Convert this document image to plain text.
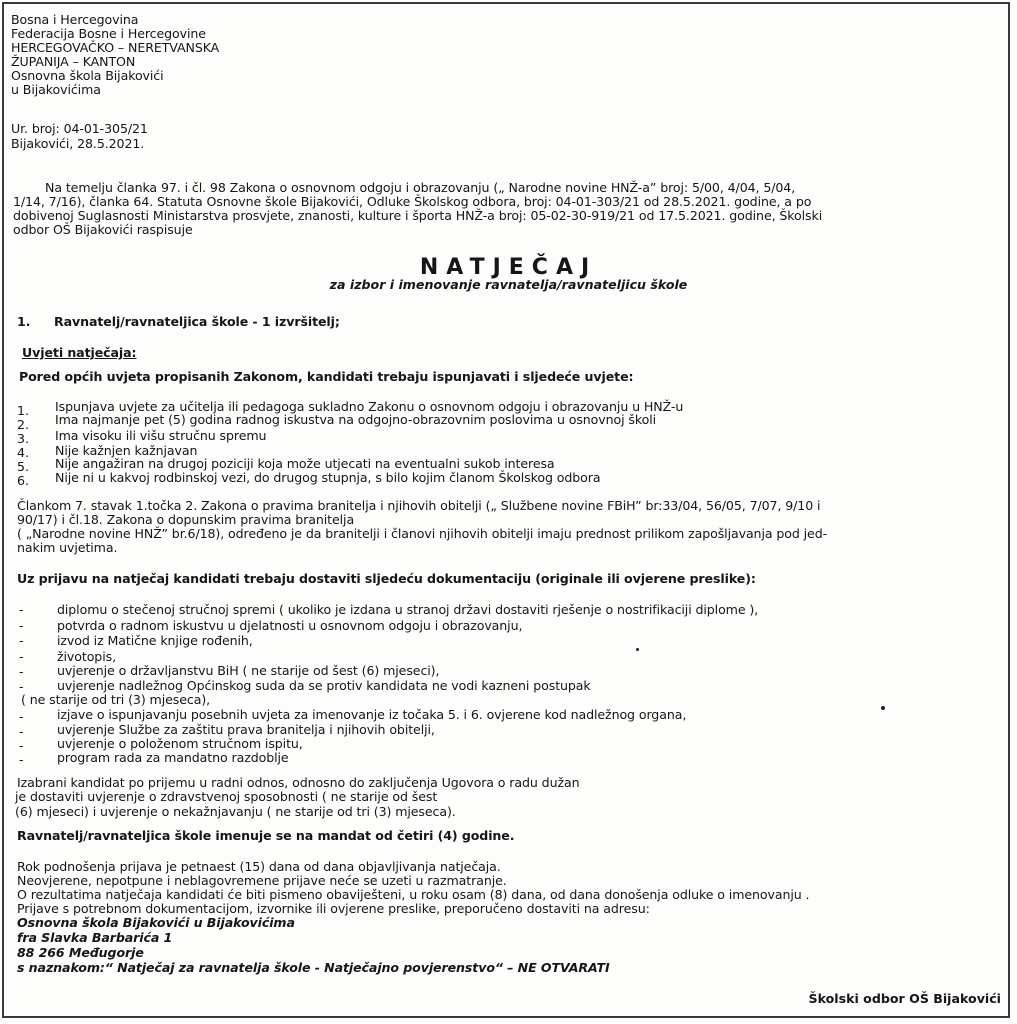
Bosna i Hercegovina
Federacija Bosne i Hercegovine
HERCEGOVAČKO – NERETVANSKA
ŽUPANIJA – KANTON
Osnovna škola Bijakovići
u Bijakovićima
Ur. broj: 04-01-305/21
Bijakovići, 28.5.2021.
Na temelju članka 97. i čl. 98 Zakona o osnovnom odgoju i obrazovanju („ Narodne novine HNŽ-a” broj: 5/00, 4/04, 5/04,
1/14, 7/16), članka 64. Statuta Osnovne škole Bijakovići, Odluke Školskog odbora, broj: 04-01-303/21 od 28.5.2021. godine, a po
dobivenoj Suglasnosti Ministarstva prosvjete, znanosti, kulture i športa HNŽ-a broj: 05-02-30-919/21 od 17.5.2021. godine, Školski
odbor OŠ Bijakovići raspisuje
NATJEČAJ
za izbor i imenovanje ravnatelja/ravnateljicu škole
1. Ravnatelj/ravnateljica škole - 1 izvršitelj;
Uvjeti natječaja:
Pored općih uvjeta propisanih Zakonom, kandidati trebaju ispunjavati i sljedeće uvjete:
1. Ispunjava uvjete za učitelja ili pedagoga sukladno Zakonu o osnovnom odgoju i obrazovanju u HNŽ-u
2. Ima najmanje pet (5) godina radnog iskustva na odgojno-obrazovnim poslovima u osnovnoj školi
3. Ima visoku ili višu stručnu spremu
4. Nije kažnjen kažnjavan
5. Nije angažiran na drugoj poziciji koja može utjecati na eventualni sukob interesa
6. Nije ni u kakvoj rodbinskoj vezi, do drugog stupnja, s bilo kojim članom Školskog odbora
Člankom 7. stavak 1.točka 2. Zakona o pravima branitelja i njihovih obitelji („ Službene novine FBiH” br:33/04, 56/05, 7/07, 9/10 i
90/17) i čl.18. Zakona o dopunskim pravima branitelja
( „Narodne novine HNŽ” br.6/18), određeno je da branitelji i članovi njihovih obitelji imaju prednost prilikom zapošljavanja pod jed-
nakim uvjetima.
Uz prijavu na natječaj kandidati trebaju dostaviti sljedeću dokumentaciju (originale ili ovjerene preslike):
-	diplomu o stečenoj stručnoj spremi ( ukoliko je izdana u stranoj državi dostaviti rješenje o nostrifikaciji diplome ),
-	potvrda o radnom iskustvu u djelatnosti u osnovnom odgoju i obrazovanju,
-	izvod iz Matične knjige rođenih,
-	životopis,
-	uvjerenje o državljanstvu BiH ( ne starije od šest (6) mjeseci),
-	uvjerenje nadležnog Općinskog suda da se protiv kandidata ne vodi kazneni postupak
( ne starije od tri (3) mjeseca),
-	izjave o ispunjavanju posebnih uvjeta za imenovanje iz točaka 5. i 6. ovjerene kod nadležnog organa,
-	uvjerenje Službe za zaštitu prava branitelja i njihovih obitelji,
-	uvjerenje o položenom stručnom ispitu,
-	program rada za mandatno razdoblje
Izabrani kandidat po prijemu u radni odnos, odnosno do zaključenja Ugovora o radu dužan
je dostaviti uvjerenje o zdravstvenoj sposobnosti ( ne starije od šest
(6) mjeseci) i uvjerenje o nekažnjavanju ( ne starije od tri (3) mjeseca).
Ravnatelj/ravnateljica škole imenuje se na mandat od četiri (4) godine.
Rok podnošenja prijava je petnaest (15) dana od dana objavljivanja natječaja.
Neovjerene, nepotpune i neblagovremene prijave neće se uzeti u razmatranje.
O rezultatima natječaja kandidati će biti pismeno obaviješteni, u roku osam (8) dana, od dana donošenja odluke o imenovanju .
Prijave s potrebnom dokumentacijom, izvornike ili ovjerene preslike, preporučeno dostaviti na adresu:
Osnovna škola Bijakovići u Bijakovićima
fra Slavka Barbarića 1
88 266 Međugorje
s naznakom:“ Natječaj za ravnatelja škole - Natječajno povjerenstvo“ – NE OTVARATI
Školski odbor OŠ Bijakovići
